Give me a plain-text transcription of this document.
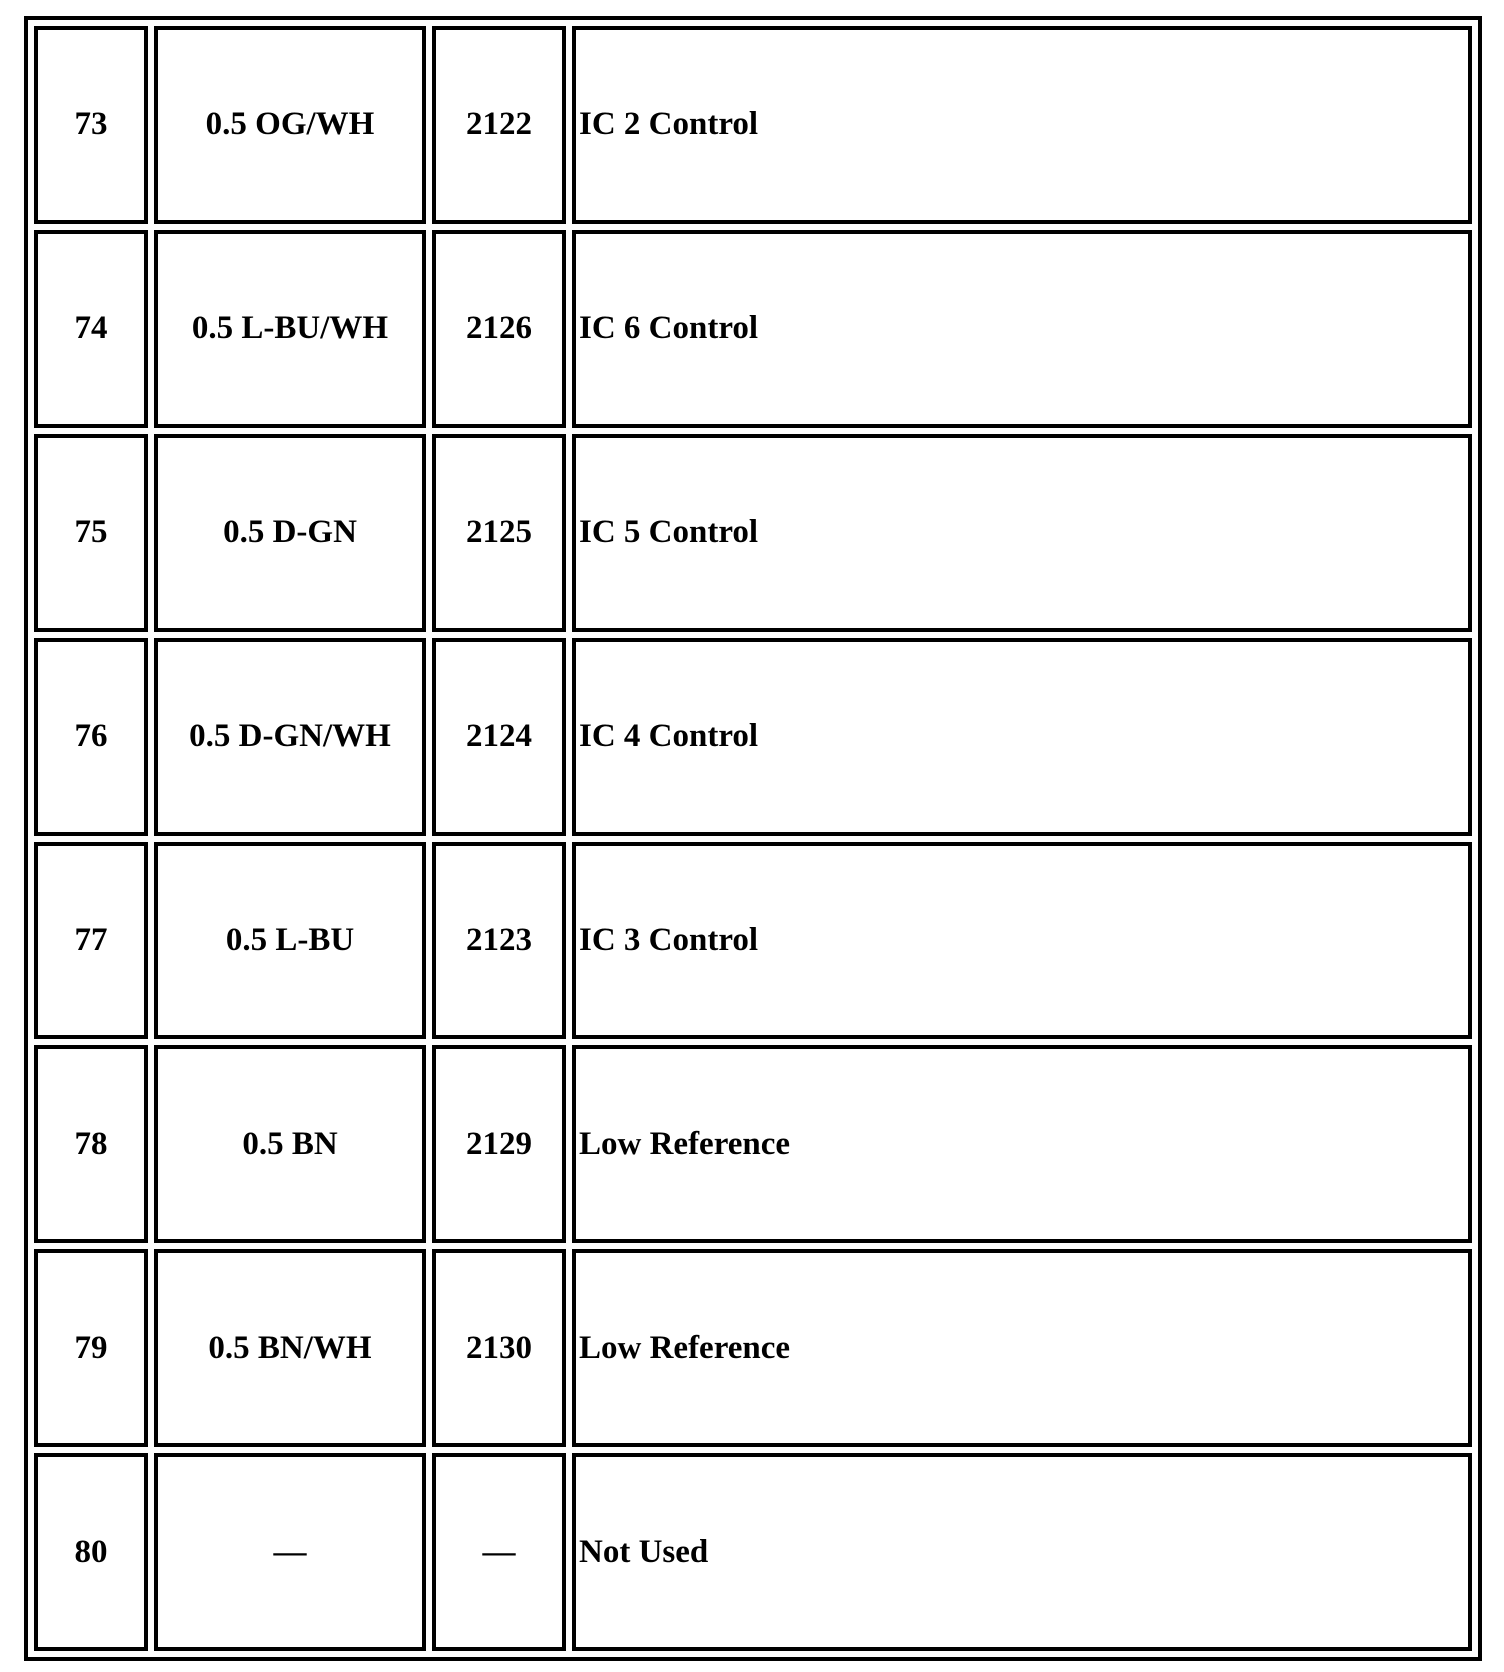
73	0.5 OG/WH	2122	IC 2 Control
74	0.5 L-BU/WH	2126	IC 6 Control
75	0.5 D-GN	2125	IC 5 Control
76	0.5 D-GN/WH	2124	IC 4 Control
77	0.5 L-BU	2123	IC 3 Control
78	0.5 BN	2129	Low Reference
79	0.5 BN/WH	2130	Low Reference
80	—	—	Not Used
